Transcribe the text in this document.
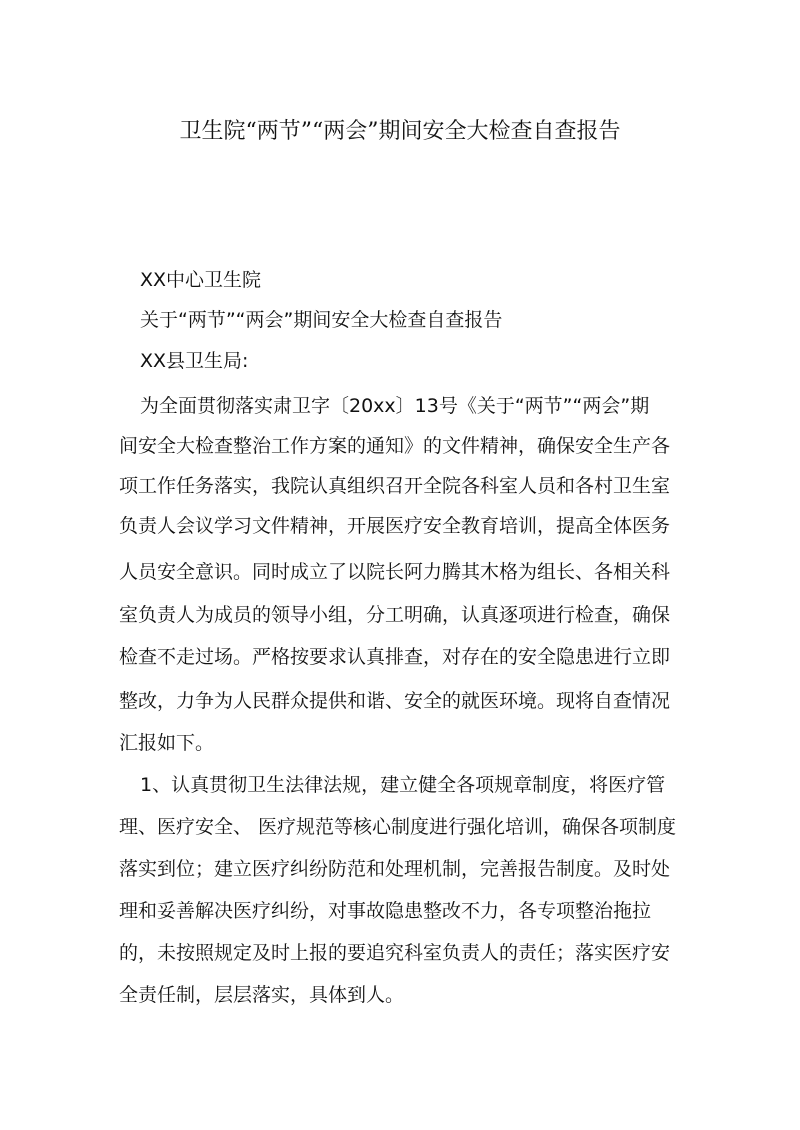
卫生院“两节”“两会”期间安全大检查自查报告
XX中心卫生院
关于“两节”“两会”期间安全大检查自查报告
XX县卫生局:
为全面贯彻落实肃卫字〔20xx〕13号《关于“两节”“两会”期
间安全大检查整治工作方案的通知》的文件精神，确保安全生产各
项工作任务落实，我院认真组织召开全院各科室人员和各村卫生室
负责人会议学习文件精神，开展医疗安全教育培训，提高全体医务
人员安全意识。同时成立了以院长阿力腾其木格为组长、各相关科
室负责人为成员的领导小组，分工明确，认真逐项进行检查，确保
检查不走过场。严格按要求认真排查，对存在的安全隐患进行立即
整改，力争为人民群众提供和谐、安全的就医环境。现将自查情况
汇报如下。
1、认真贯彻卫生法律法规，建立健全各项规章制度，将医疗管
理、医疗安全、 医疗规范等核心制度进行强化培训，确保各项制度
落实到位；建立医疗纠纷防范和处理机制，完善报告制度。及时处
理和妥善解决医疗纠纷，对事故隐患整改不力，各专项整治拖拉
的，未按照规定及时上报的要追究科室负责人的责任；落实医疗安
全责任制，层层落实，具体到人。
